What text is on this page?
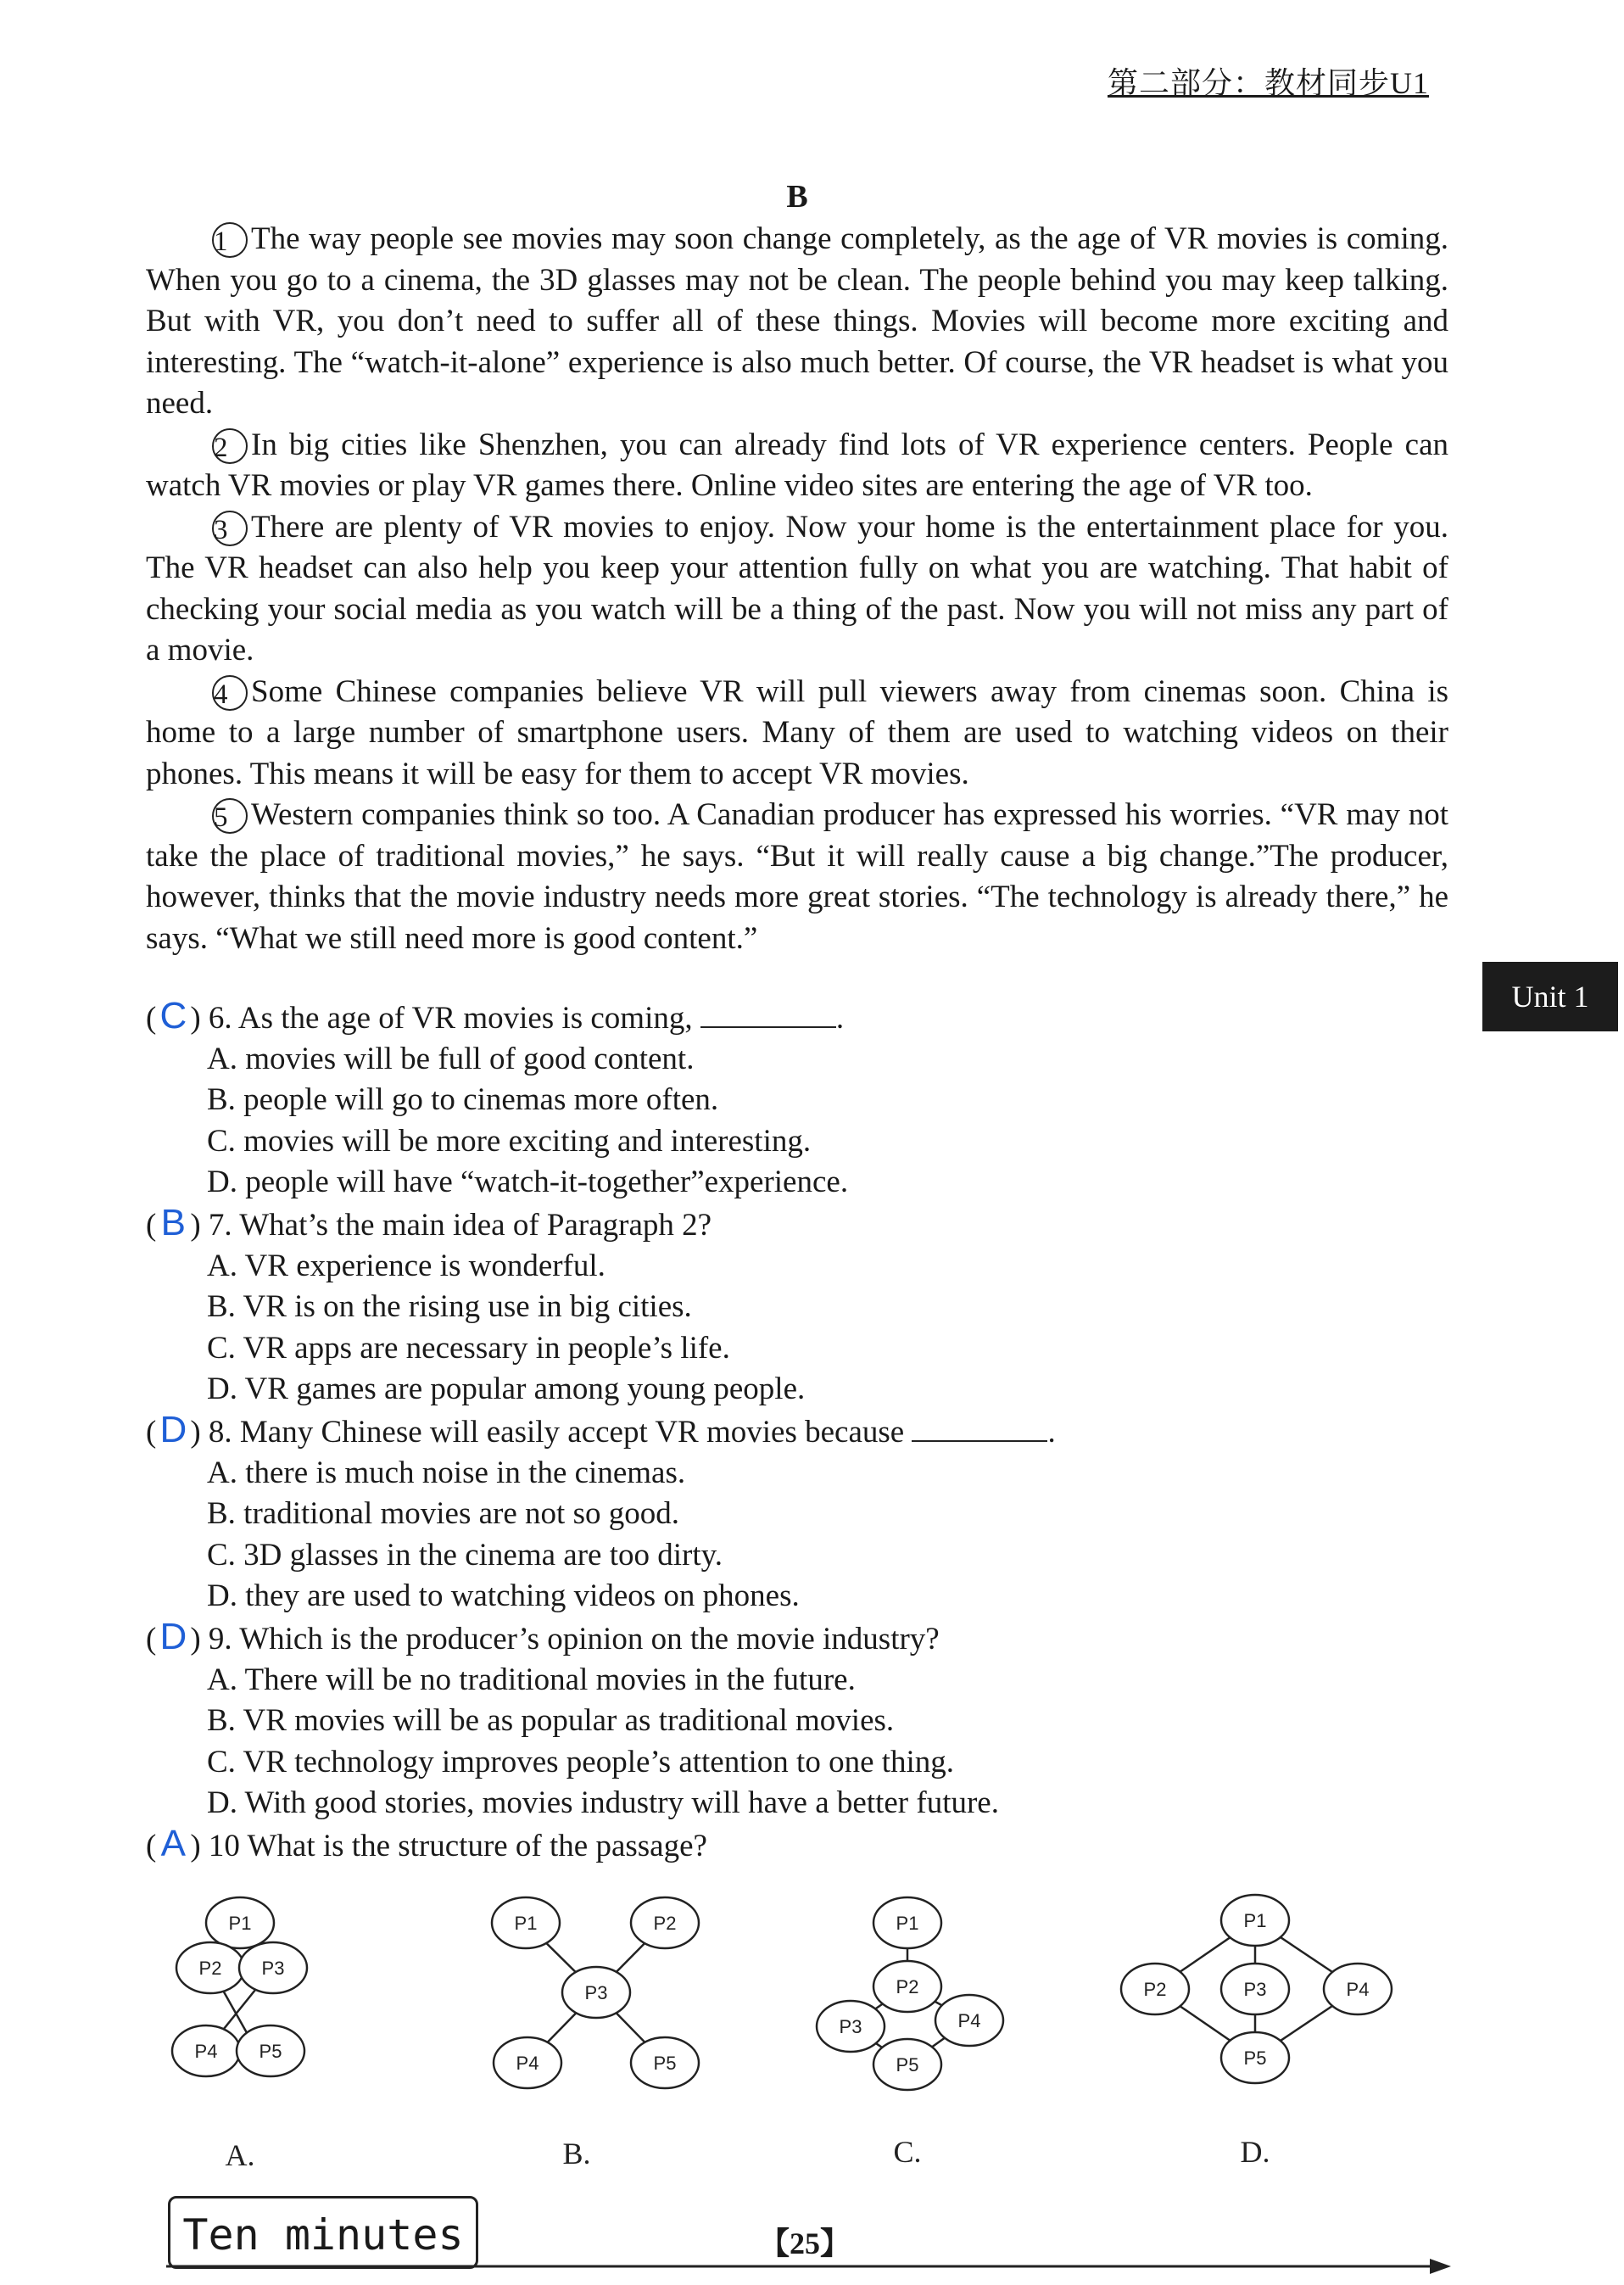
第二部分：教材同步U1
B

1 The way people see movies may soon change completely, as the age of VR movies is coming. When you go to a cinema, the 3D glasses may not be clean. The people behind you may keep talking. But with VR, you don’t need to suffer all of these things. Movies will become more exciting and interesting. The “watch-it-alone” experience is also much better. Of course, the VR headset is what you need.

2 In big cities like Shenzhen, you can already find lots of VR experience centers. People can watch VR movies or play VR games there. Online video sites are entering the age of VR too.

3 There are plenty of VR movies to enjoy. Now your home is the entertainment place for you. The VR headset can also help you keep your attention fully on what you are watching. That habit of checking your social media as you watch will be a thing of the past. Now you will not miss any part of a movie.

4 Some Chinese companies believe VR will pull viewers away from cinemas soon. China is home to a large number of smartphone users. Many of them are used to watching videos on their phones. This means it will be easy for them to accept VR movies.

5 Western companies think so too. A Canadian producer has expressed his worries. “VR may not take the place of traditional movies,” he says. “But it will really cause a big change.”The producer, however, thinks that the movie industry needs more great stories. “The technology is already there,” he says. “What we still need more is good content.”

Unit 1
(C ) 6. As the age of VR movies is coming,	.
A. movies will be full of good content.
B. people will go to cinemas more often.
C. movies will be more exciting and interesting.
D. people will have “watch-it-together”experience.
( B ) 7. What’s the main idea of Paragraph 2?
A. VR experience is wonderful.
B. VR is on the rising use in big cities.
C. VR apps are necessary in people’s life.
D. VR games are popular among young people.
(D ) 8. Many Chinese will easily accept VR movies because	.
A. there is much noise in the cinemas.
B. traditional movies are not so good.
C. 3D glasses in the cinema are too dirty.
D. they are used to watching videos on phones.
(D ) 9. Which is the producer’s opinion on the movie industry?
A. There will be no traditional movies in the future.
B. VR movies will be as popular as traditional movies.
C. VR technology improves people’s attention to one thing.
D. With good stories, movies industry will have a better future.
( A ) 10 What is the structure of the passage?
P1
P2 P3
P4 P5
P1	P2
P3
P4	P5
P1
P2
P3	P4
P5
P1
P2	P3	P4
P5
A.	B.	C.	D.
Ten minutes	【25】
